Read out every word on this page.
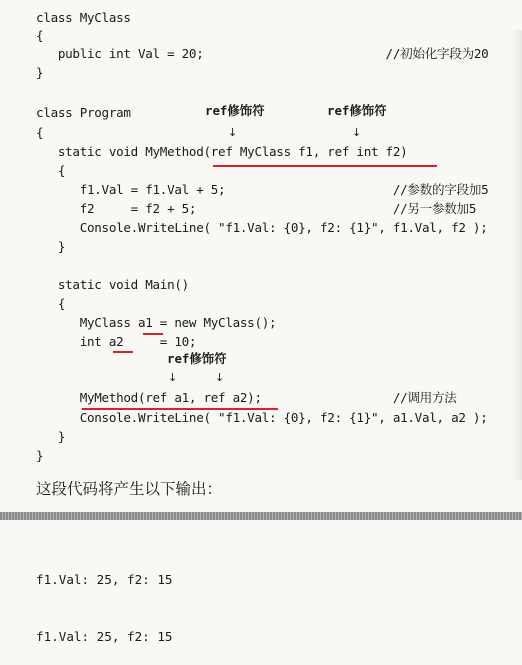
class MyClass
{
public int Val = 20;                         //初始化字段为20
}
ref修饰符	ref修饰符
class Program
↓	↓
{
static void MyMethod(ref MyClass f1, ref int f2)
{
f1.Val = f1.Val + 5;                       //参数的字段加5
f2     = f2 + 5;                           //另一参数加5
Console.WriteLine( "f1.Val: {0}, f2: {1}", f1.Val, f2 );
}
static void Main()
{
MyClass a1 = new MyClass();
int a2     = 10;
ref修饰符
↓	↓
MyMethod(ref a1, ref a2);                  //调用方法
Console.WriteLine( "f1.Val: {0}, f2: {1}", a1.Val, a2 );
}
}
这段代码将产生以下输出：

f1.Val: 25, f2: 15

f1.Val: 25, f2: 15
